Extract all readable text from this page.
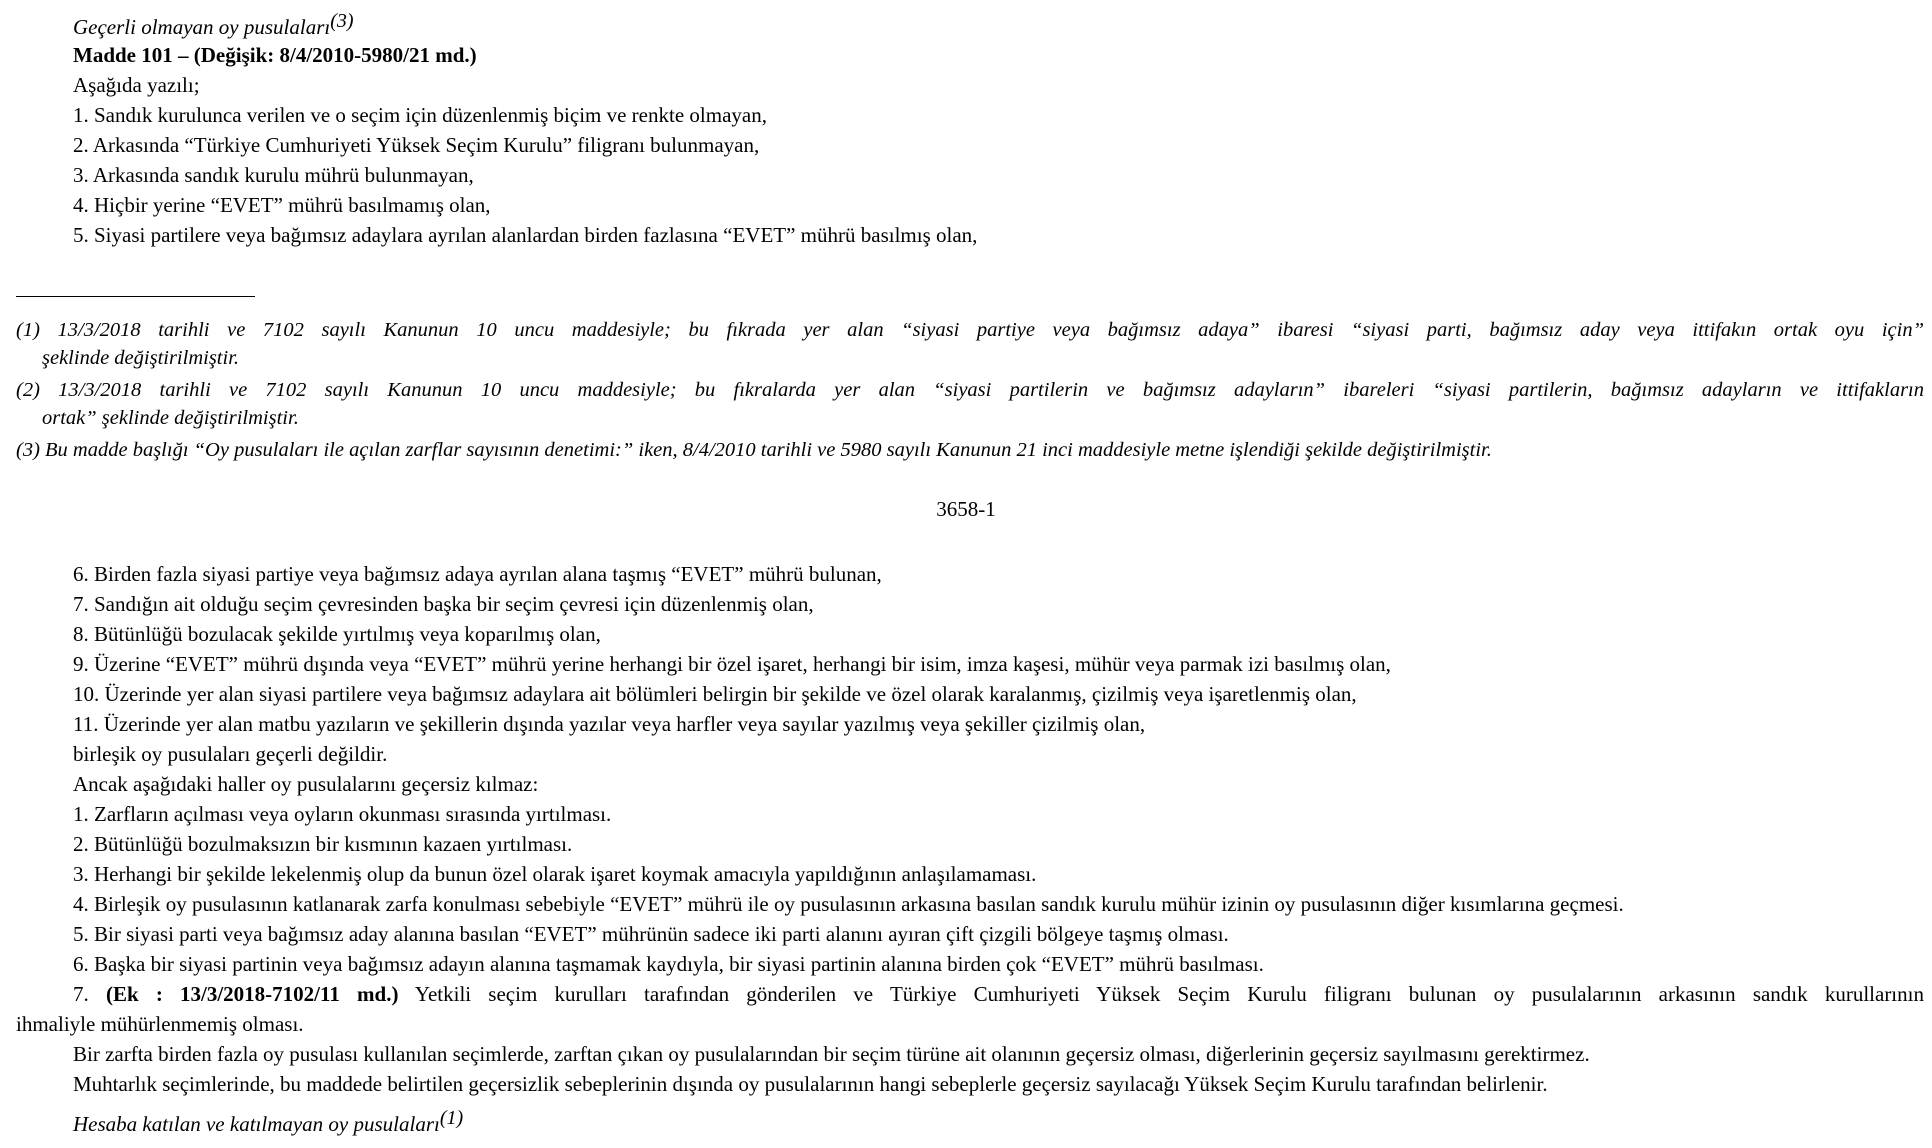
Geçerli olmayan oy pusulaları(3)
Madde 101 – (Değişik: 8/4/2010-5980/21 md.)
Aşağıda yazılı;
1. Sandık kurulunca verilen ve o seçim için düzenlenmiş biçim ve renkte olmayan,
2. Arkasında “Türkiye Cumhuriyeti Yüksek Seçim Kurulu” filigranı bulunmayan,
3. Arkasında sandık kurulu mührü bulunmayan,
4. Hiçbir yerine “EVET” mührü basılmamış olan,
5. Siyasi partilere veya bağımsız adaylara ayrılan alanlardan birden fazlasına “EVET” mührü basılmış olan,
(1) 13/3/2018 tarihli ve 7102 sayılı Kanunun 10 uncu maddesiyle; bu fıkrada yer alan “siyasi partiye veya bağımsız adaya” ibaresi “siyasi parti, bağımsız aday veya ittifakın ortak oyu için”
şeklinde değiştirilmiştir.
(2) 13/3/2018 tarihli ve 7102 sayılı Kanunun 10 uncu maddesiyle; bu fıkralarda yer alan “siyasi partilerin ve bağımsız adayların” ibareleri “siyasi partilerin, bağımsız adayların ve ittifakların
ortak” şeklinde değiştirilmiştir.
(3) Bu madde başlığı “Oy pusulaları ile açılan zarflar sayısının denetimi:” iken, 8/4/2010 tarihli ve 5980 sayılı Kanunun 21 inci maddesiyle metne işlendiği şekilde değiştirilmiştir.
3658-1
6. Birden fazla siyasi partiye veya bağımsız adaya ayrılan alana taşmış “EVET” mührü bulunan,
7. Sandığın ait olduğu seçim çevresinden başka bir seçim çevresi için düzenlenmiş olan,
8. Bütünlüğü bozulacak şekilde yırtılmış veya koparılmış olan,
9. Üzerine “EVET” mührü dışında veya “EVET” mührü yerine herhangi bir özel işaret, herhangi bir isim, imza kaşesi, mühür veya parmak izi basılmış olan,
10. Üzerinde yer alan siyasi partilere veya bağımsız adaylara ait bölümleri belirgin bir şekilde ve özel olarak karalanmış, çizilmiş veya işaretlenmiş olan,
11. Üzerinde yer alan matbu yazıların ve şekillerin dışında yazılar veya harfler veya sayılar yazılmış veya şekiller çizilmiş olan,
birleşik oy pusulaları geçerli değildir.
Ancak aşağıdaki haller oy pusulalarını geçersiz kılmaz:
1. Zarfların açılması veya oyların okunması sırasında yırtılması.
2. Bütünlüğü bozulmaksızın bir kısmının kazaen yırtılması.
3. Herhangi bir şekilde lekelenmiş olup da bunun özel olarak işaret koymak amacıyla yapıldığının anlaşılamaması.
4. Birleşik oy pusulasının katlanarak zarfa konulması sebebiyle “EVET” mührü ile oy pusulasının arkasına basılan sandık kurulu mühür izinin oy pusulasının diğer kısımlarına geçmesi.
5. Bir siyasi parti veya bağımsız aday alanına basılan “EVET” mührünün sadece iki parti alanını ayıran çift çizgili bölgeye taşmış olması.
6. Başka bir siyasi partinin veya bağımsız adayın alanına taşmamak kaydıyla, bir siyasi partinin alanına birden çok “EVET” mührü basılması.
7. (Ek : 13/3/2018-7102/11 md.) Yetkili seçim kurulları tarafından gönderilen ve Türkiye Cumhuriyeti Yüksek Seçim Kurulu filigranı bulunan oy pusulalarının arkasının sandık kurullarının
ihmaliyle mühürlenmemiş olması.
Bir zarfta birden fazla oy pusulası kullanılan seçimlerde, zarftan çıkan oy pusulalarından bir seçim türüne ait olanının geçersiz olması, diğerlerinin geçersiz sayılmasını gerektirmez.
Muhtarlık seçimlerinde, bu maddede belirtilen geçersizlik sebeplerinin dışında oy pusulalarının hangi sebeplerle geçersiz sayılacağı Yüksek Seçim Kurulu tarafından belirlenir.
Hesaba katılan ve katılmayan oy pusulaları(1)
